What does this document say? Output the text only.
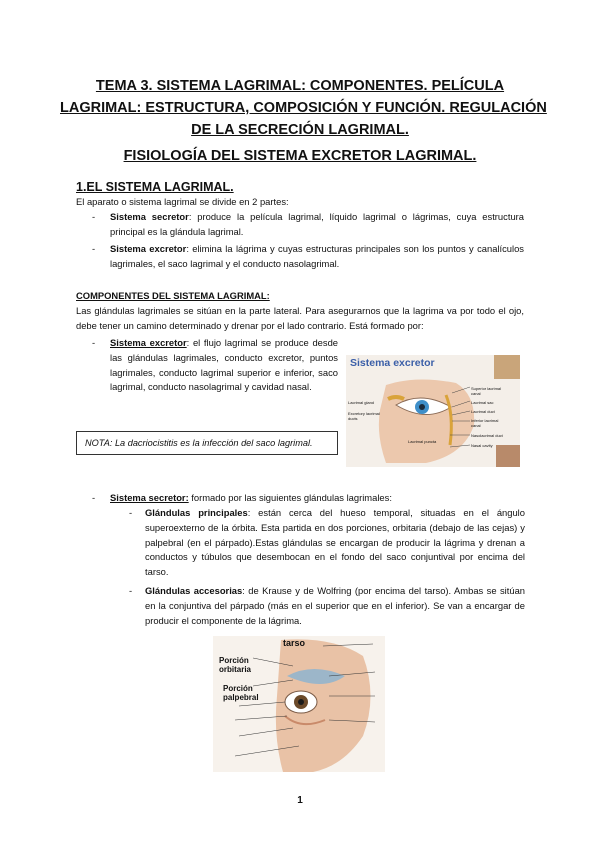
TEMA 3. SISTEMA LAGRIMAL: COMPONENTES. PELÍCULA
LAGRIMAL: ESTRUCTURA, COMPOSICIÓN Y FUNCIÓN. REGULACIÓN
DE LA SECRECIÓN LAGRIMAL.
FISIOLOGÍA DEL SISTEMA EXCRETOR LAGRIMAL.
1.EL SISTEMA LAGRIMAL.
El aparato o sistema lagrimal se divide en 2 partes:
- Sistema secretor: produce la película lagrimal, líquido lagrimal o lágrimas, cuya estructura principal es la glándula lagrimal.
- Sistema excretor: elimina la lágrima y cuyas estructuras principales son los puntos y canalículos lagrimales, el saco lagrimal y el conducto nasolagrimal.
COMPONENTES DEL SISTEMA LAGRIMAL:
Las glándulas lagrimales se sitúan en la parte lateral. Para asegurarnos que la lagrima va por todo el ojo, debe tener un camino determinado y drenar por el lado contrario. Está formado por:
- Sistema excretor: el flujo lagrimal se produce desde las glándulas lagrimales, conducto excretor, puntos lagrimales, conducto lagrimal superior e inferior, saco lagrimal, conducto nasolagrimal y cavidad nasal.
NOTA: La dacriocistitis es la infección del saco lagrimal.
Sistema excretor
Superior lacrimal canal
Lacrimal sac
Lacrimal duct
Inferior lacrimal canal
Nasolacrimal duct
Nasal cavity
Lacrimal gland
Excretory lacrimal ducts
Lacrimal puncta
- Sistema secretor: formado por las siguientes glándulas lagrimales:
- Glándulas principales: están cerca del hueso temporal, situadas en el ángulo superoexterno de la órbita. Esta partida en dos porciones, orbitaria (debajo de las cejas) y palpebral (en el párpado).Estas glándulas se encargan de producir la lágrima y drenan a conductos y túbulos que desembocan en el fondo del saco conjuntival por encima del tarso.
- Glándulas accesorias: de Krause y de Wolfring (por encima del tarso). Ambas se sitúan en la conjuntiva del párpado (más en el superior que en el inferior). Se van a encargar de producir el componente de la lágrima.
tarso
Porción orbitaria
Porción palpebral
1
